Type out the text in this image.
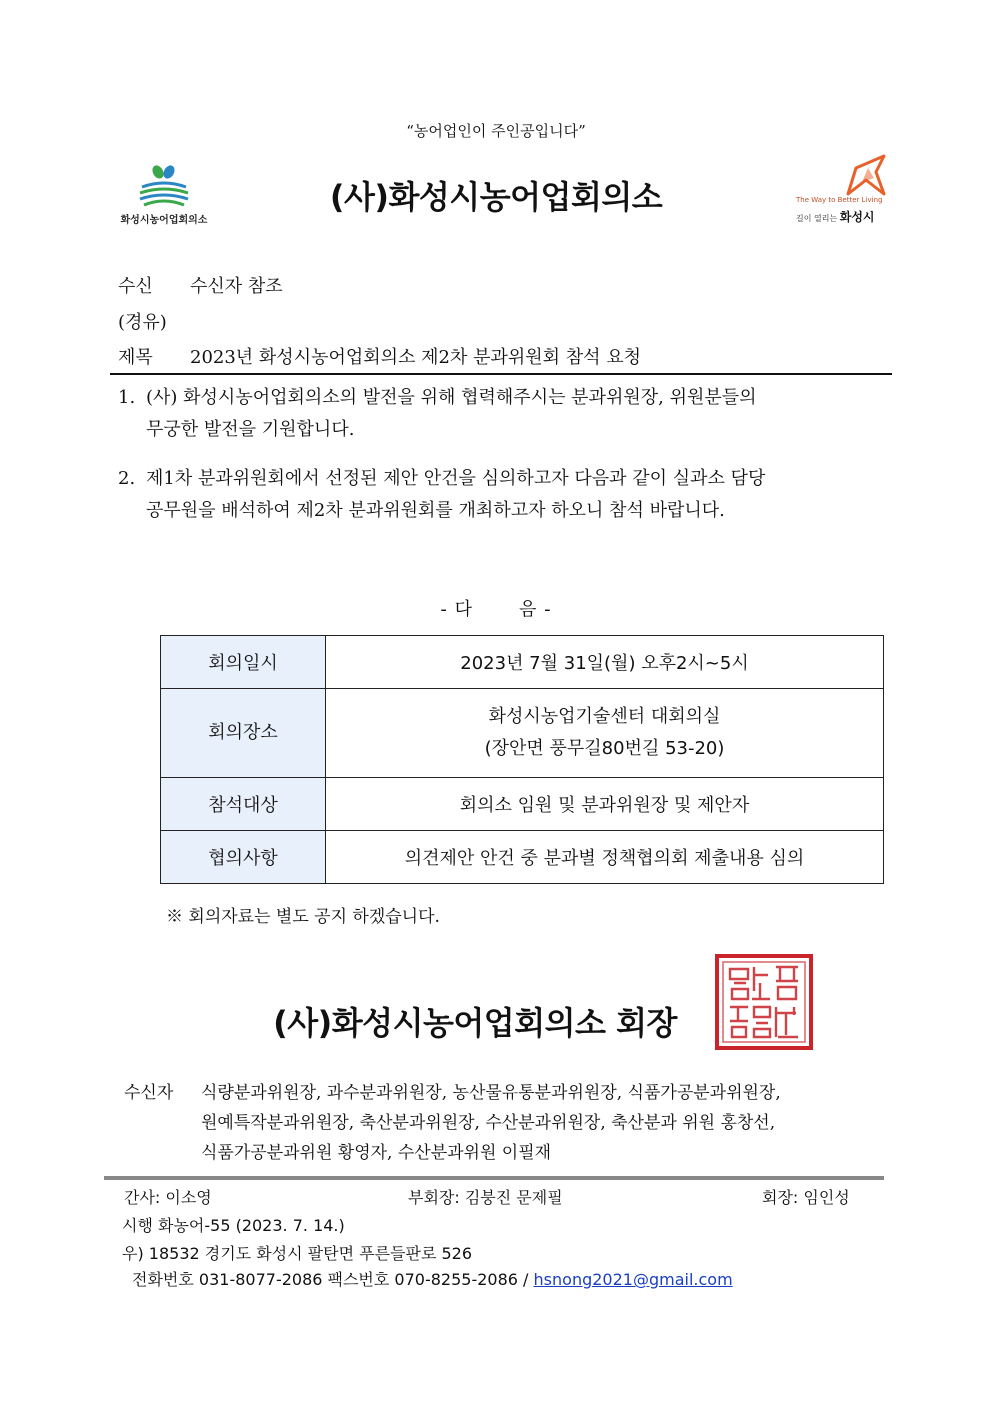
“농어업인이 주인공입니다”
화성시농어업회의소
(사)화성시농어업회의소	The Way to Better Living
길이 열리는 화성시
수신 수신자 참조
(경유)
제목 2023년 화성시농어업회의소 제2차 분과위원회 참석 요청
1. (사) 화성시농어업회의소의 발전을 위해 협력해주시는 분과위원장, 위원분들의
무궁한 발전을 기원합니다.
2. 제1차 분과위원회에서 선정된 제안 안건을 심의하고자 다음과 같이 실과소 담당
공무원을 배석하여 제2차 분과위원회를 개최하고자 하오니 참석 바랍니다.
- 다	음 -
회의일시	2023년 7월 31일(월) 오후2시~5시
회의장소	화성시농업기술센터 대회의실
(장안면 풍무길80번길 53-20)

참석대상	회의소 임원 및 분과위원장 및 제안자
협의사항	의견제안 안건 중 분과별 정책협의회 제출내용 심의
※ 회의자료는 별도 공지 하겠습니다.
(사)화성시농어업회의소 회장
수신자 식량분과위원장, 과수분과위원장, 농산물유통분과위원장, 식품가공분과위원장,
원예특작분과위원장, 축산분과위원장, 수산분과위원장, 축산분과 위원 홍창선,
식품가공분과위원 황영자, 수산분과위원 이필재
간사: 이소영	부회장: 김붕진 문제필	회장: 임인성
시행 화농어-55 (2023. 7. 14.)
우) 18532 경기도 화성시 팔탄면 푸른들판로 526
전화번호 031-8077-2086 팩스번호 070-8255-2086 / hsnong2021@gmail.com
